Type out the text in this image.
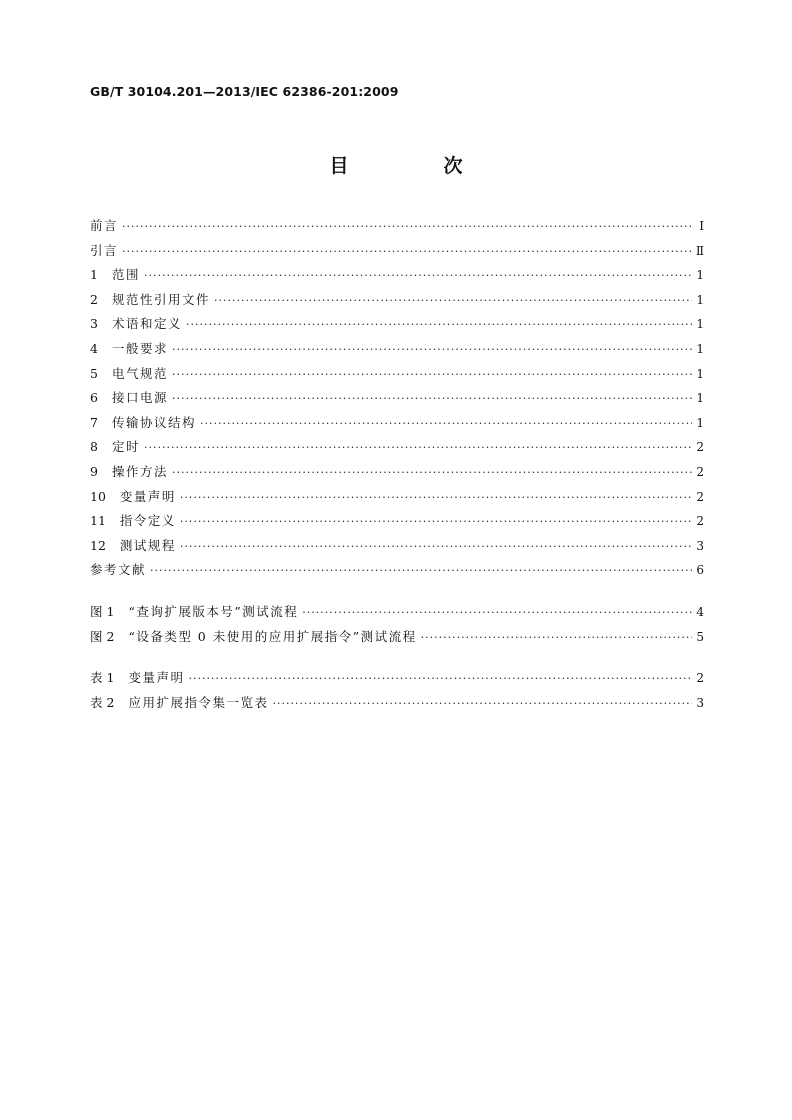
GB/T 30104.201—2013/IEC 62386-201:2009
目　次
前言 ·····	Ⅰ
引言 ·····	Ⅱ
1 范围 ·····	1
2 规范性引用文件 ·····	1
3 术语和定义 ·····	1
4 一般要求 ·····	1
5 电气规范 ·····	1
6 接口电源 ·····	1
7 传输协议结构 ·····	1
8 定时 ·····	2
9 操作方法 ·····	2
10 变量声明 ·····	2
11 指令定义 ·····	2
12 测试规程 ·····	3
参考文献 ·····	6
图 1 “查询扩展版本号”测试流程 ·····	4
图 2 “设备类型 0 未使用的应用扩展指令”测试流程 ·····	5
表 1 变量声明 ·····	2
表 2 应用扩展指令集一览表 ·····	3
